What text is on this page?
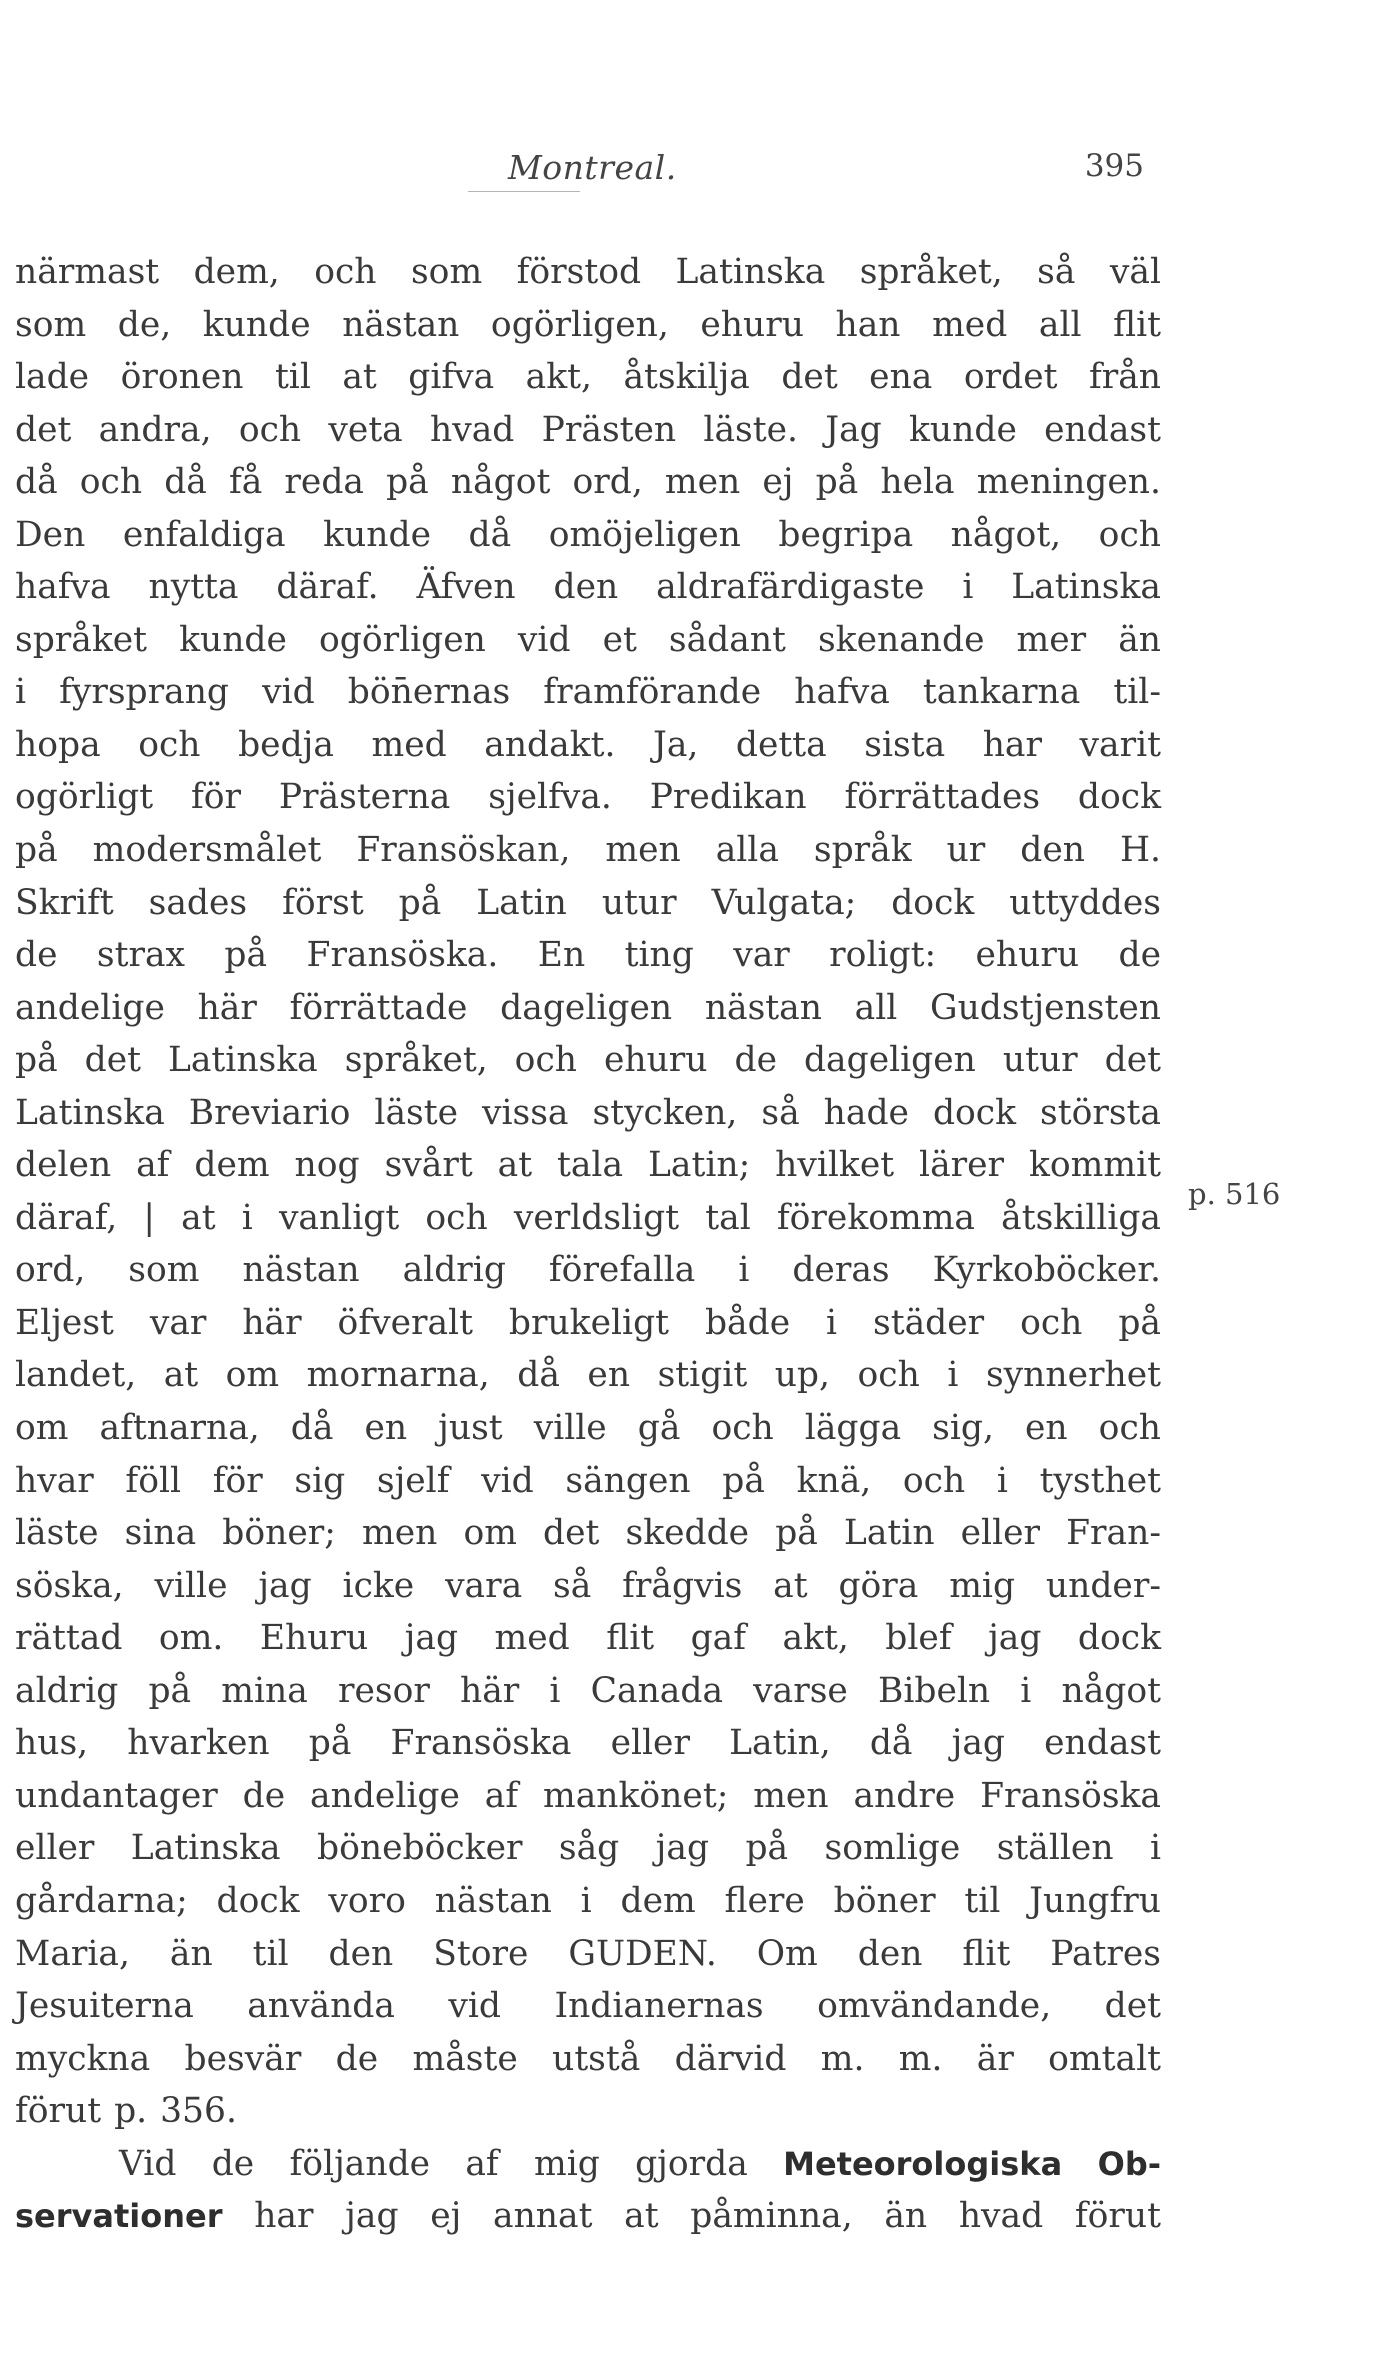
Montreal.	395
närmast dem, och som förstod Latinska språket, så väl
som de, kunde nästan ogörligen, ehuru han med all flit
lade öronen til at gifva akt, åtskilja det ena ordet från
det andra, och veta hvad Prästen läste. Jag kunde endast
då och då få reda på något ord, men ej på hela meningen.
Den enfaldiga kunde då omöjeligen begripa något, och
hafva nytta däraf. Äfven den aldrafärdigaste i Latinska
språket kunde ogörligen vid et sådant skenande mer än
i fyrsprang vid bön̄ernas framförande hafva tankarna til-
hopa och bedja med andakt. Ja, detta sista har varit
ogörligt för Prästerna sjelfva. Predikan förrättades dock
på modersmålet Fransöskan, men alla språk ur den H.
Skrift sades först på Latin utur Vulgata; dock uttyddes
de strax på Fransöska. En ting var roligt: ehuru de
andelige här förrättade dageligen nästan all Gudstjensten
på det Latinska språket, och ehuru de dageligen utur det
Latinska Breviario läste vissa stycken, så hade dock största
delen af dem nog svårt at tala Latin; hvilket lärer kommit
däraf, | at i vanligt och verldsligt tal förekomma åtskilliga
ord, som nästan aldrig förefalla i deras Kyrkoböcker.
Eljest var här öfveralt brukeligt både i städer och på
landet, at om mornarna, då en stigit up, och i synnerhet
om aftnarna, då en just ville gå och lägga sig, en och
hvar föll för sig sjelf vid sängen på knä, och i tysthet
läste sina böner; men om det skedde på Latin eller Fran-
söska, ville jag icke vara så frågvis at göra mig under-
rättad om. Ehuru jag med flit gaf akt, blef jag dock
aldrig på mina resor här i Canada varse Bibeln i något
hus, hvarken på Fransöska eller Latin, då jag endast
undantager de andelige af mankönet; men andre Fransöska
eller Latinska böneböcker såg jag på somlige ställen i
gårdarna; dock voro nästan i dem flere böner til Jungfru
Maria, än til den Store GUDEN. Om den flit Patres
Jesuiterna använda vid Indianernas omvändande, det
myckna besvär de måste utstå därvid m. m. är omtalt
förut p. 356.
Vid de följande af mig gjorda Meteorologiska Ob-
servationer har jag ej annat at påminna, än hvad förut
p. 516
